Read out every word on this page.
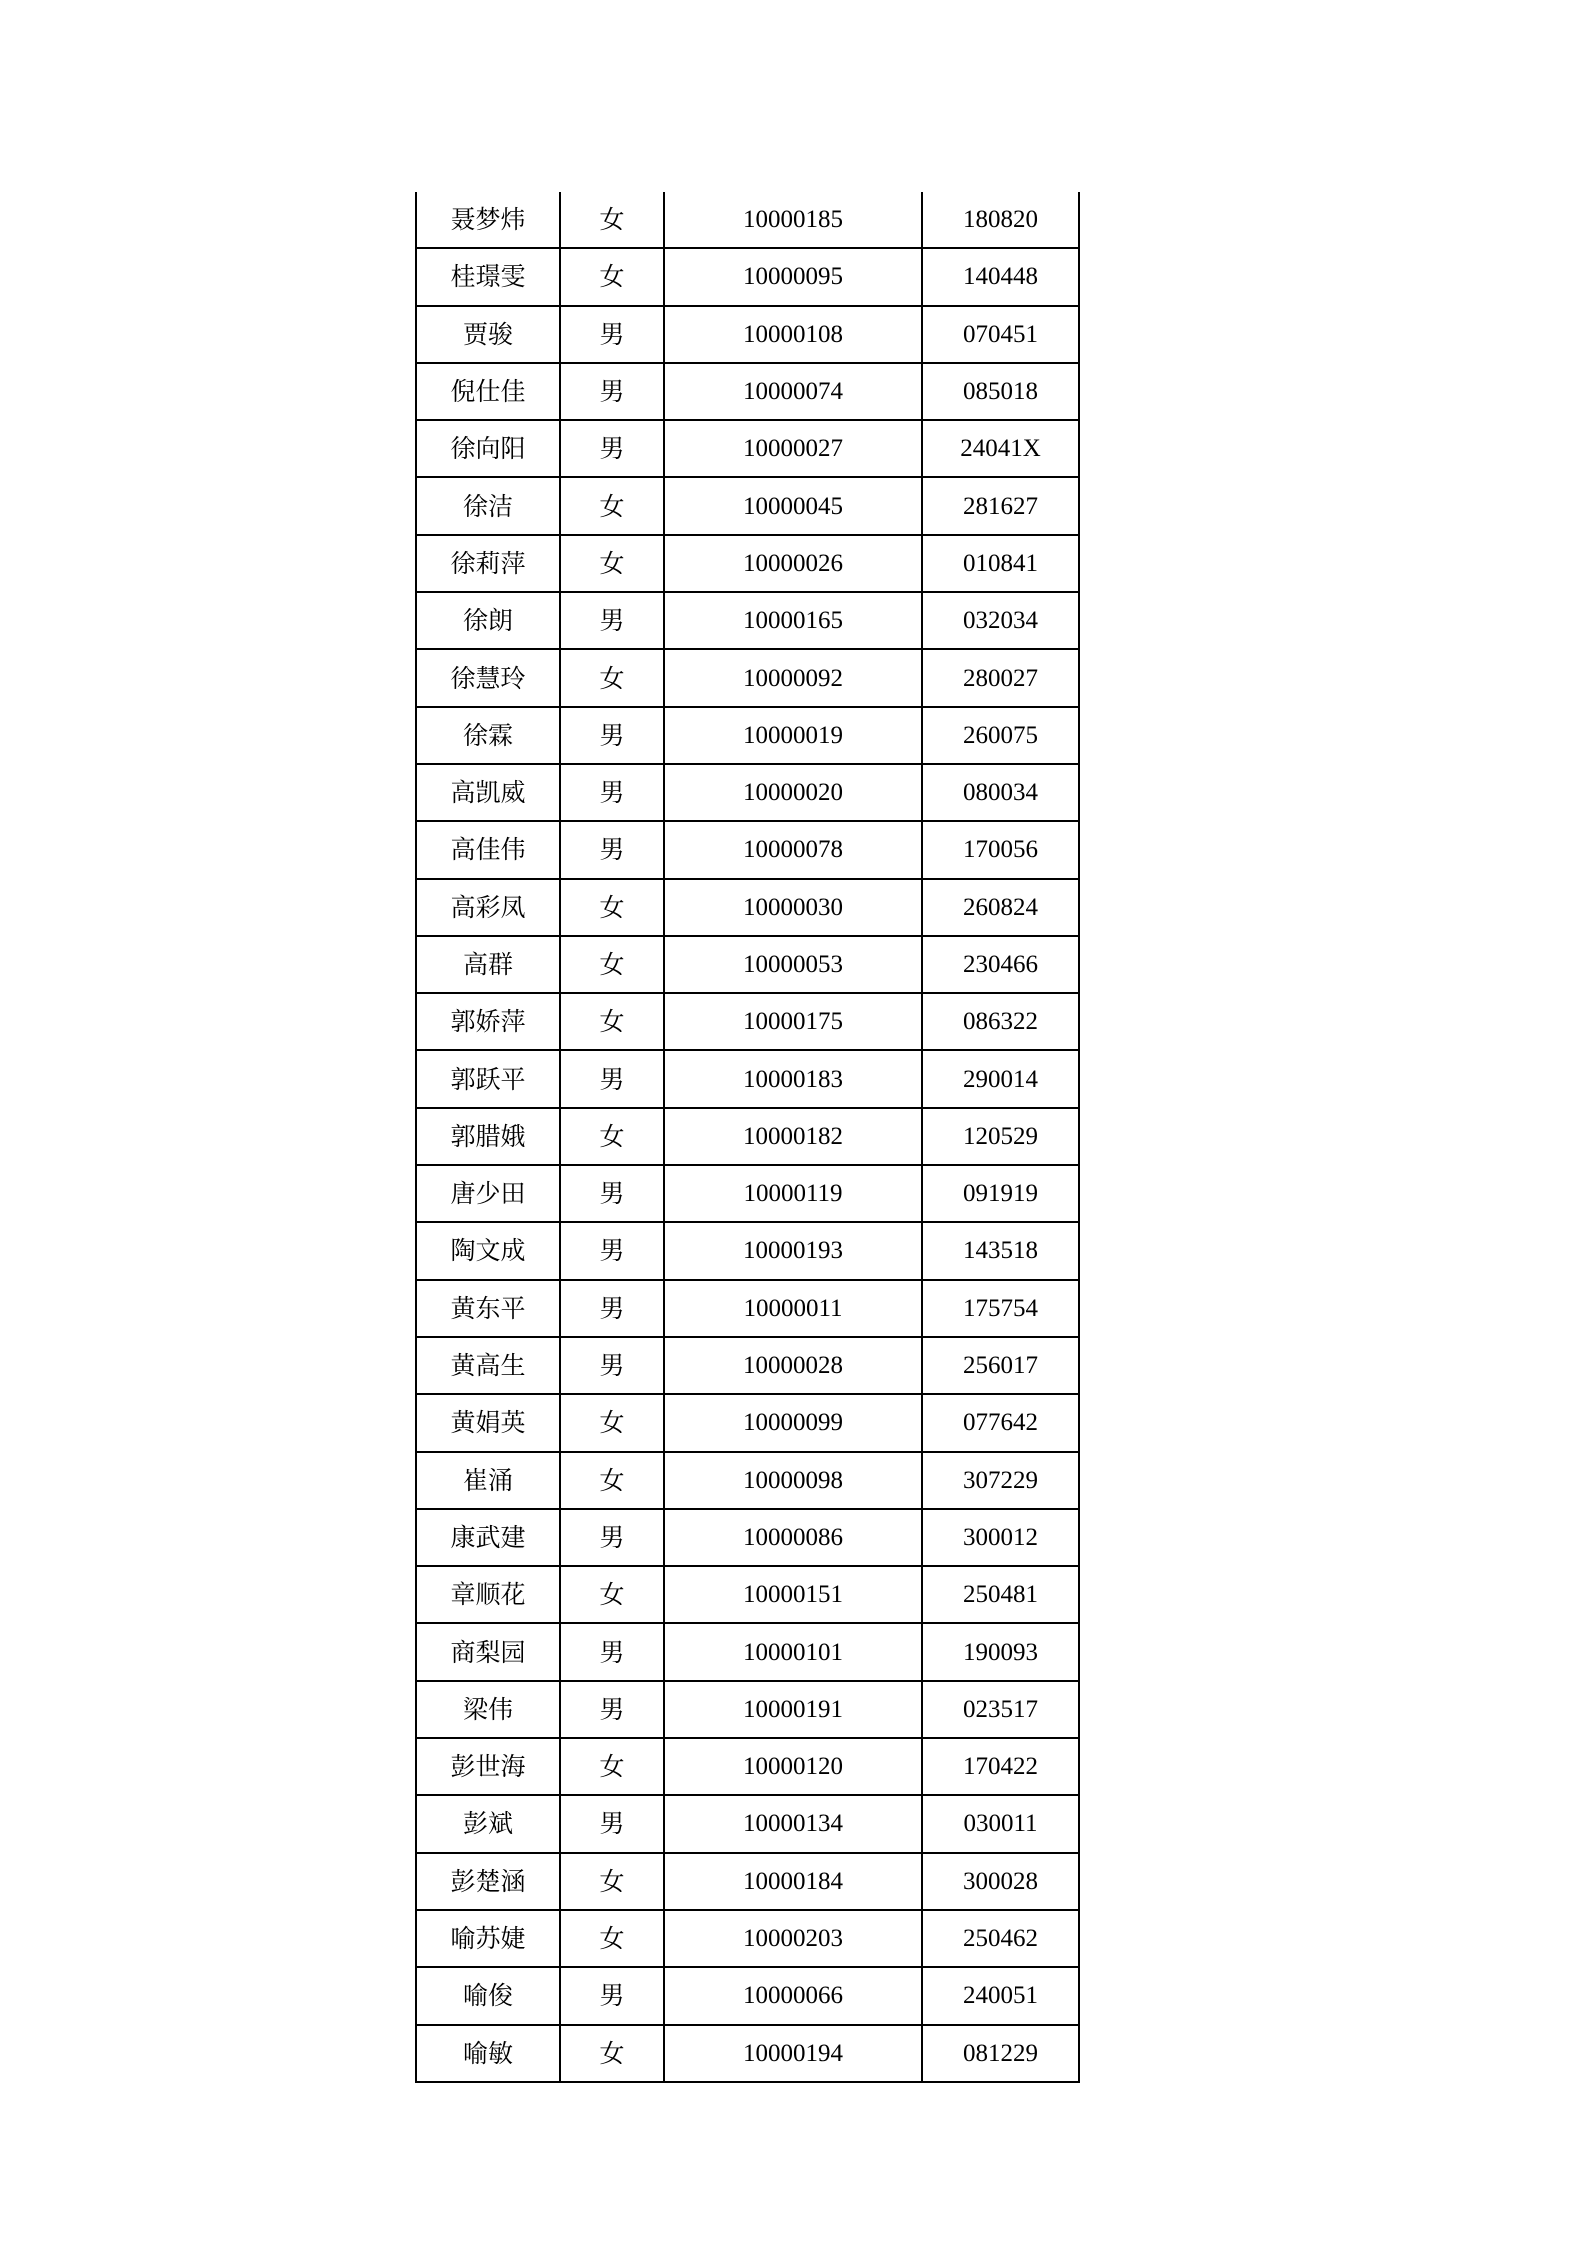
聂梦炜	女	10000185	180820
桂璟雯	女	10000095	140448
贾骏	男	10000108	070451
倪仕佳	男	10000074	085018
徐向阳	男	10000027	24041X
徐洁	女	10000045	281627
徐莉萍	女	10000026	010841
徐朗	男	10000165	032034
徐慧玲	女	10000092	280027
徐霖	男	10000019	260075
高凯威	男	10000020	080034
高佳伟	男	10000078	170056
高彩凤	女	10000030	260824
高群	女	10000053	230466
郭娇萍	女	10000175	086322
郭跃平	男	10000183	290014
郭腊娥	女	10000182	120529
唐少田	男	10000119	091919
陶文成	男	10000193	143518
黄东平	男	10000011	175754
黄高生	男	10000028	256017
黄娟英	女	10000099	077642
崔涌	女	10000098	307229
康武建	男	10000086	300012
章顺花	女	10000151	250481
商梨园	男	10000101	190093
梁伟	男	10000191	023517
彭世海	女	10000120	170422
彭斌	男	10000134	030011
彭楚涵	女	10000184	300028
喻苏婕	女	10000203	250462
喻俊	男	10000066	240051
喻敏	女	10000194	081229
